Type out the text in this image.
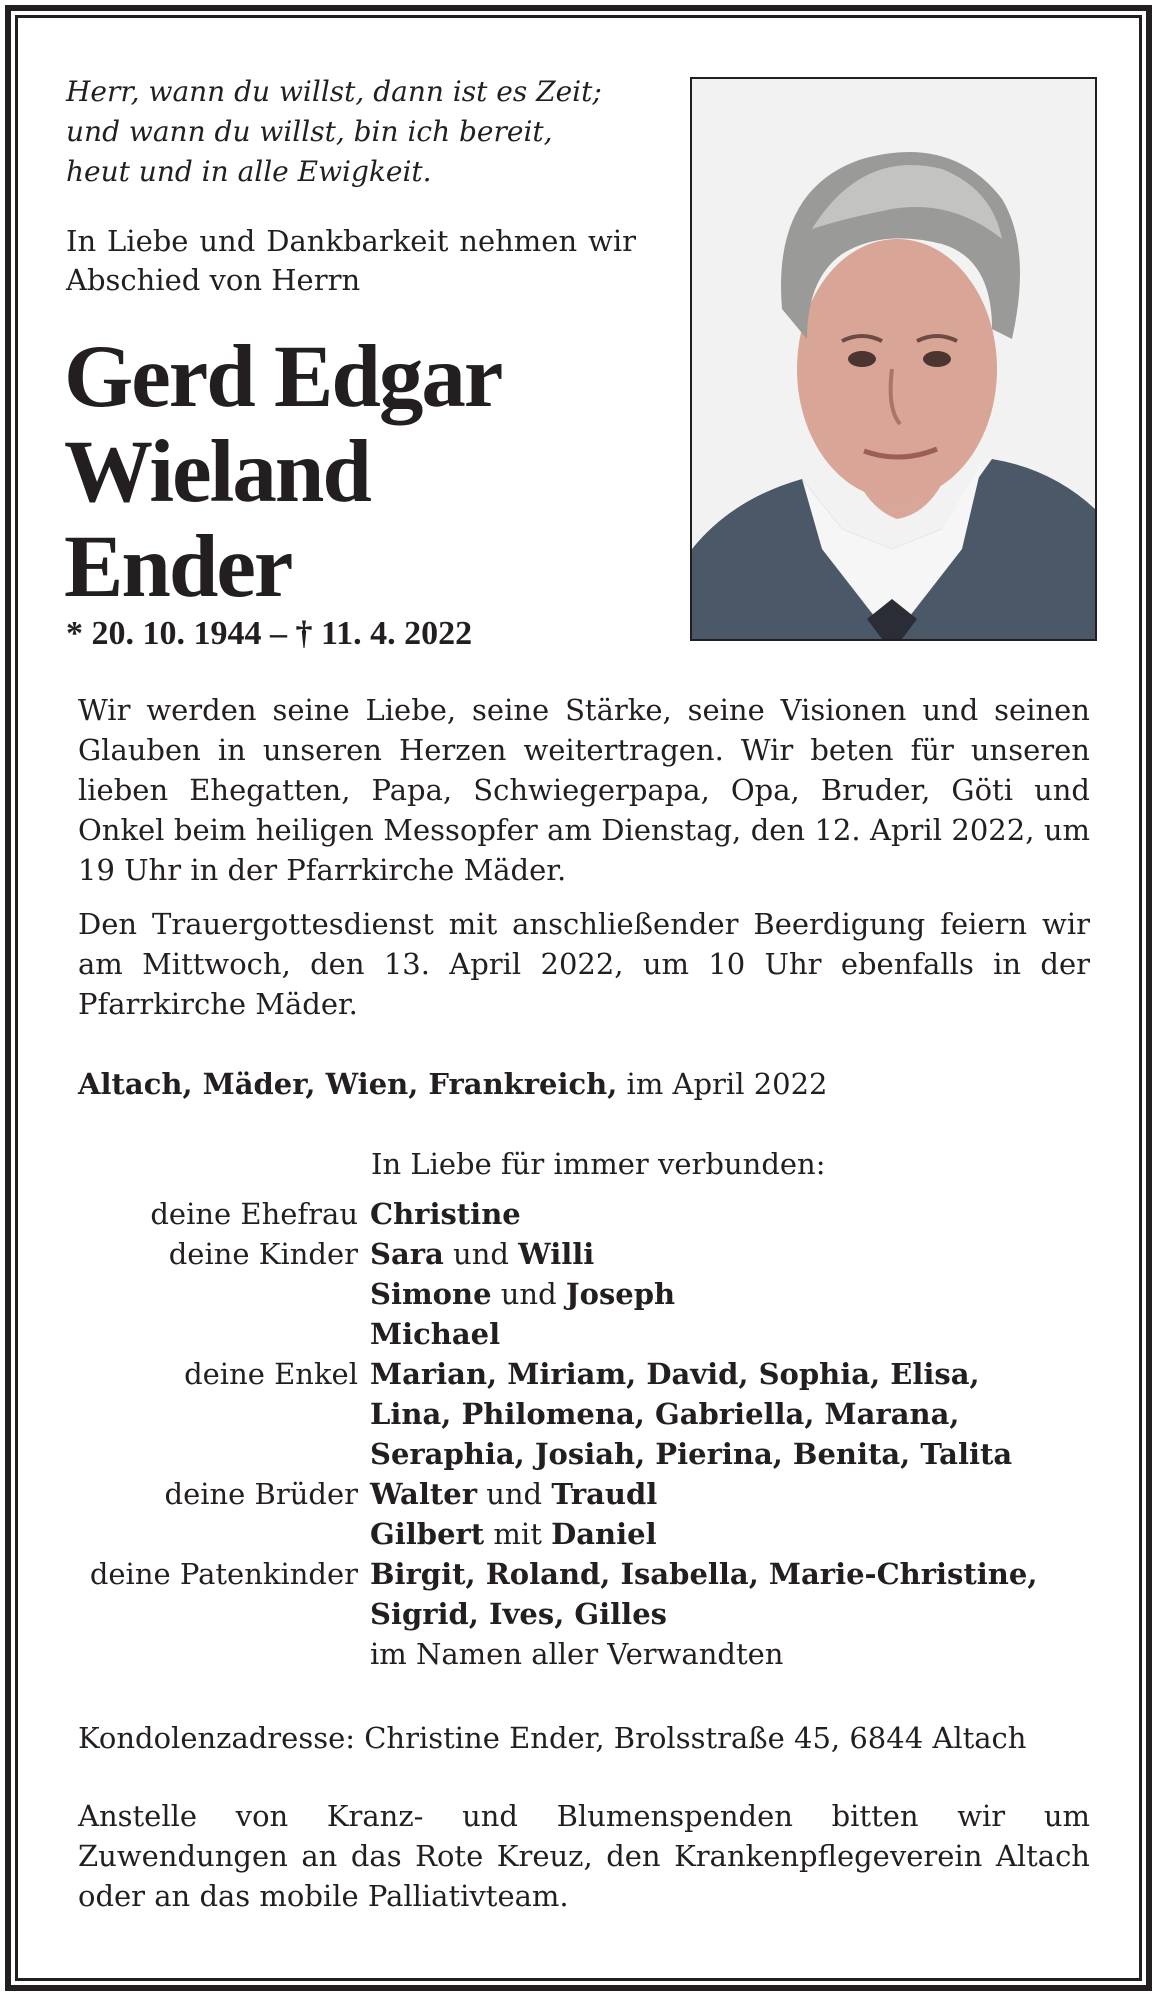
Herr, wann du willst, dann ist es Zeit;
und wann du willst, bin ich bereit,
heut und in alle Ewigkeit.

In Liebe und Dankbarkeit nehmen wir Abschied von Herrn

Gerd Edgar
Wieland
Ender
* 20. 10. 1944 – † 11. 4. 2022

Wir werden seine Liebe, seine Stärke, seine Visionen und seinen Glauben in unseren Herzen weitertragen. Wir beten für unseren lieben Ehegatten, Papa, Schwiegerpapa, Opa, Bruder, Göti und Onkel beim heiligen Messopfer am Dienstag, den 12. April 2022, um 19 Uhr in der Pfarrkirche Mäder.

Den Trauergottesdienst mit anschließender Beerdigung feiern wir am Mittwoch, den 13. April 2022, um 10 Uhr ebenfalls in der Pfarrkirche Mäder.

Altach, Mäder, Wien, Frankreich, im April 2022
In Liebe für immer verbunden:
deine Ehefrau	Christine
deine Kinder	Sara und Willi
	Simone und Joseph
	Michael
deine Enkel	Marian, Miriam, David, Sophia, Elisa,
	Lina, Philomena, Gabriella, Marana,
	Seraphia, Josiah, Pierina, Benita, Talita
deine Brüder	Walter und Traudl
	Gilbert mit Daniel
deine Patenkinder	Birgit, Roland, Isabella, Marie-Christine,
	Sigrid, Ives, Gilles
	im Namen aller Verwandten
Kondolenzadresse: Christine Ender, Brolsstraße 45, 6844 Altach

Anstelle von Kranz- und Blumenspenden bitten wir um Zuwendungen an das Rote Kreuz, den Krankenpflegeverein Altach oder an das mobile Palliativteam.
